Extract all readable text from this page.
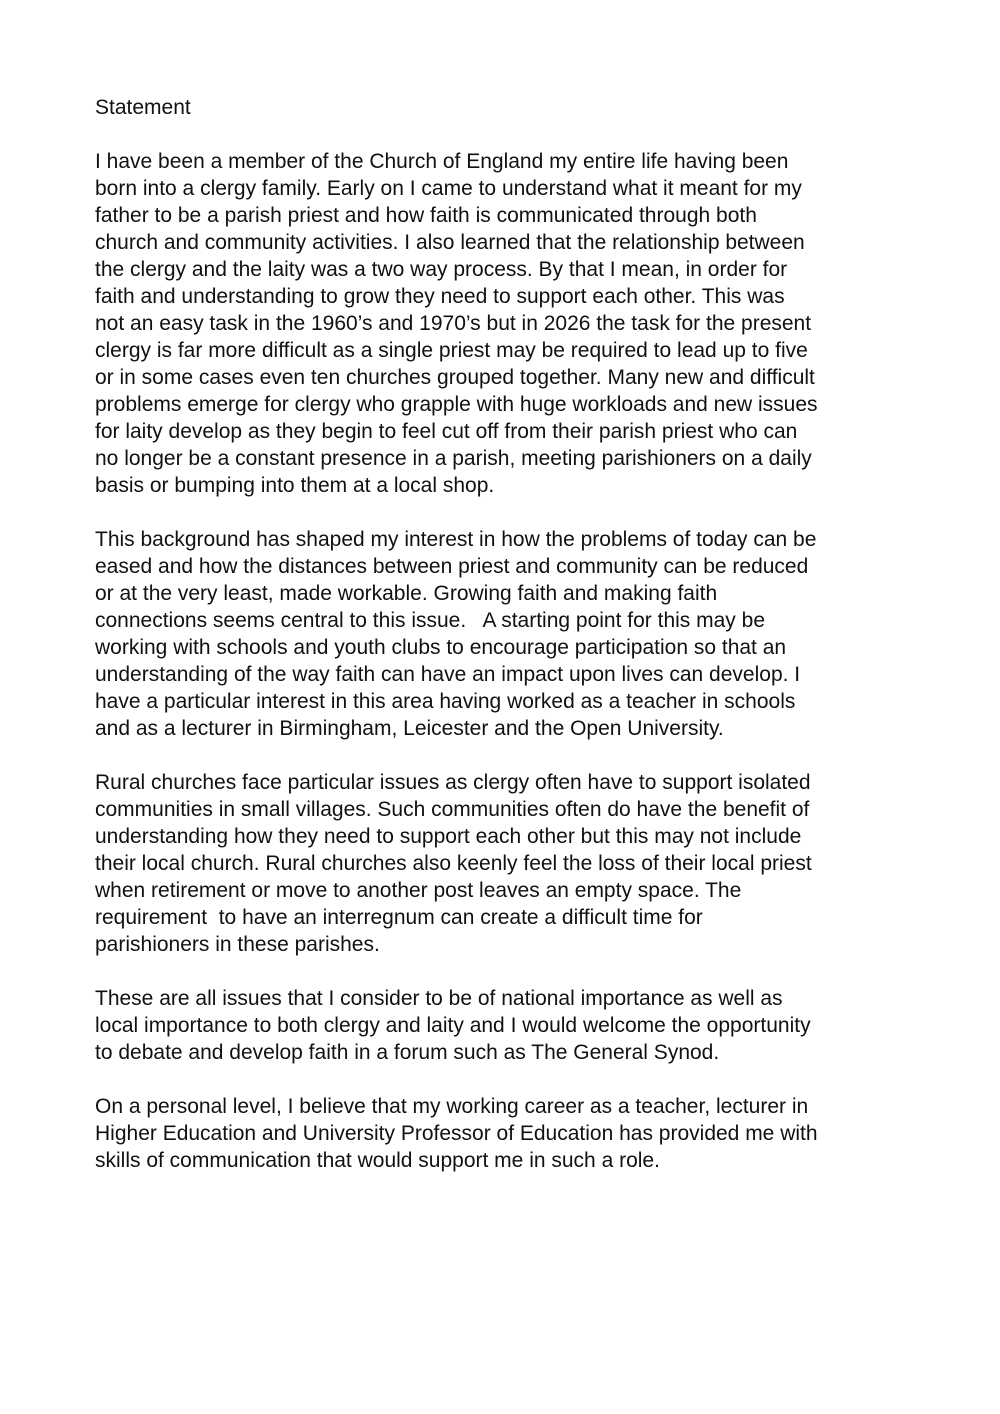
Statement
I have been a member of the Church of England my entire life having been
born into a clergy family. Early on I came to understand what it meant for my
father to be a parish priest and how faith is communicated through both
church and community activities. I also learned that the relationship between
the clergy and the laity was a two way process. By that I mean, in order for
faith and understanding to grow they need to support each other. This was
not an easy task in the 1960’s and 1970’s but in 2026 the task for the present
clergy is far more difficult as a single priest may be required to lead up to five
or in some cases even ten churches grouped together. Many new and difficult
problems emerge for clergy who grapple with huge workloads and new issues
for laity develop as they begin to feel cut off from their parish priest who can
no longer be a constant presence in a parish, meeting parishioners on a daily
basis or bumping into them at a local shop.
This background has shaped my interest in how the problems of today can be
eased and how the distances between priest and community can be reduced
or at the very least, made workable. Growing faith and making faith
connections seems central to this issue.   A starting point for this may be
working with schools and youth clubs to encourage participation so that an
understanding of the way faith can have an impact upon lives can develop. I
have a particular interest in this area having worked as a teacher in schools
and as a lecturer in Birmingham, Leicester and the Open University.
Rural churches face particular issues as clergy often have to support isolated
communities in small villages. Such communities often do have the benefit of
understanding how they need to support each other but this may not include
their local church. Rural churches also keenly feel the loss of their local priest
when retirement or move to another post leaves an empty space. The
requirement  to have an interregnum can create a difficult time for
parishioners in these parishes.
These are all issues that I consider to be of national importance as well as
local importance to both clergy and laity and I would welcome the opportunity
to debate and develop faith in a forum such as The General Synod.
On a personal level, I believe that my working career as a teacher, lecturer in
Higher Education and University Professor of Education has provided me with
skills of communication that would support me in such a role.
